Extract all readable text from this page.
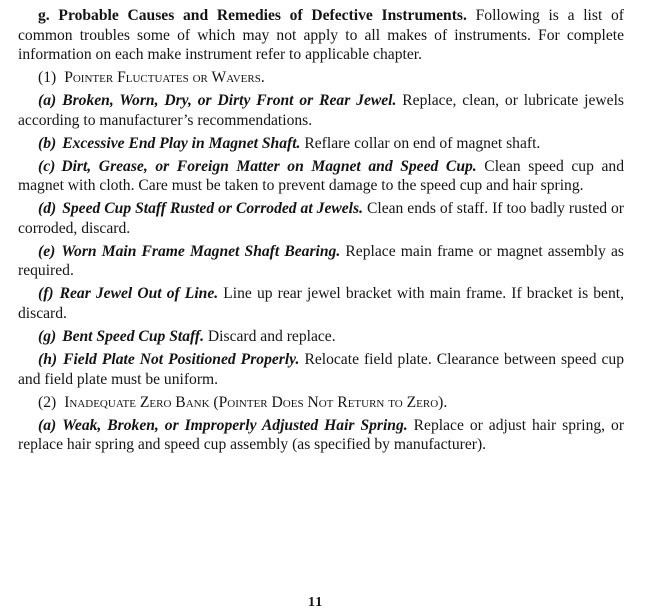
g. Probable Causes and Remedies of Defective Instruments. Following is a list of common troubles some of which may not apply to all makes of instruments. For complete information on each make instrument refer to applicable chapter.

(1) Pointer Fluctuates or Wavers.

(a) Broken, Worn, Dry, or Dirty Front or Rear Jewel. Replace, clean, or lubricate jewels according to manufacturer’s recommendations.

(b) Excessive End Play in Magnet Shaft. Reflare collar on end of magnet shaft.

(c) Dirt, Grease, or Foreign Matter on Magnet and Speed Cup. Clean speed cup and magnet with cloth. Care must be taken to prevent damage to the speed cup and hair spring.

(d) Speed Cup Staff Rusted or Corroded at Jewels. Clean ends of staff. If too badly rusted or corroded, discard.

(e) Worn Main Frame Magnet Shaft Bearing. Replace main frame or magnet assembly as required.

(f) Rear Jewel Out of Line. Line up rear jewel bracket with main frame. If bracket is bent, discard.

(g) Bent Speed Cup Staff. Discard and replace.

(h) Field Plate Not Positioned Properly. Relocate field plate. Clearance between speed cup and field plate must be uniform.

(2) Inadequate Zero Bank (Pointer Does Not Return to Zero).

(a) Weak, Broken, or Improperly Adjusted Hair Spring. Replace or adjust hair spring, or replace hair spring and speed cup assembly (as specified by manufacturer).

11
